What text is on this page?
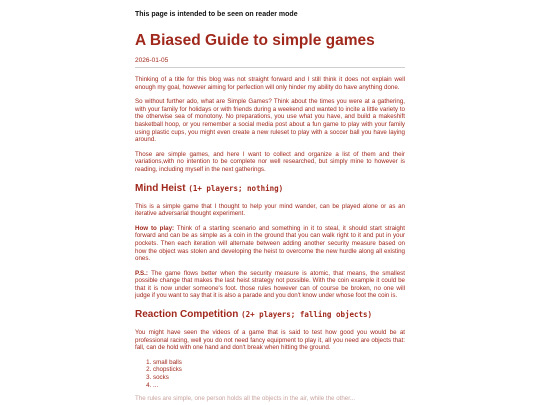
This page is intended to be seen on reader mode
A Biased Guide to simple games
2026-01-05

Thinking of a title for this blog was not straight forward and I still think it does not explain well enough my goal, however aiming for perfection will only hinder my ability do have anything done.

So without further ado, what are Simple Games? Think about the times you were at a gathering, with your family for holidays or with friends during a weekend and wanted to incite a little variety to the otherwise sea of monotony. No preparations, you use what you have, and build a makeshift basketball hoop, or you remember a social media post about a fun game to play with your family using plastic cups, you might even create a new ruleset to play with a soccer ball you have laying around.

Those are simple games, and here I want to collect and organize a list of them and their variations,with no intention to be complete nor well researched, but simply mine to however is reading, including myself in the next gatherings.

Mind Heist (1+ players; nothing)

This is a simple game that I thought to help your mind wander, can be played alone or as an iterative adversarial thought experiment.

How to play: Think of a starting scenario and something in it to steal, it should start straight forward and can be as simple as a coin in the ground that you can walk right to it and put in your pockets. Then each iteration will alternate between adding another security measure based on how the object was stolen and developing the heist to overcome the new hurdle along all existing ones.

P.S.: The game flows better when the security measure is atomic, that means, the smallest possible change that makes the last heist strategy not possible. With the coin example it could be that it is now under someone's foot. those rules however can of course be broken, no one will judge if you want to say that it is also a parade and you don't know under whose foot the coin is.

Reaction Competition (2+ players; falling objects)

You might have seen the videos of a game that is said to test how good you would be at professional racing, well you do not need fancy equipment to play it, all you need are objects that: fall, can de hold with one hand and don't break when hitting the ground.

1. small balls
2. chopsticks
3. socks
4. ...
The rules are simple, one person holds all the objects in the air, while the other...
